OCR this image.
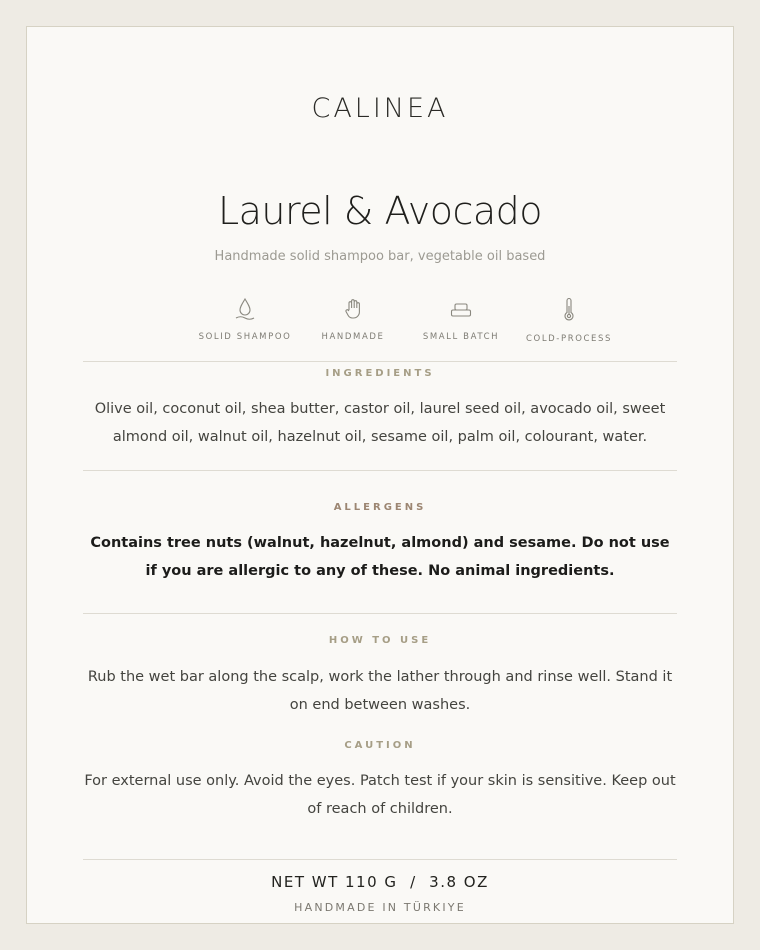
CALINEA
Laurel & Avocado
Handmade solid shampoo bar, vegetable oil based
SOLID SHAMPOO	HANDMADE	SMALL BATCH	COLD-PROCESS
INGREDIENTS

Olive oil, coconut oil, shea butter, castor oil, laurel seed oil, avocado oil, sweet almond oil, walnut oil, hazelnut oil, sesame oil, palm oil, colourant, water.

ALLERGENS

Contains tree nuts (walnut, hazelnut, almond) and sesame. Do not use if you are allergic to any of these. No animal ingredients.

HOW TO USE

Rub the wet bar along the scalp, work the lather through and rinse well. Stand it on end between washes.

CAUTION

For external use only. Avoid the eyes. Patch test if your skin is sensitive. Keep out of reach of children.

NET WT 110 G  /  3.8 OZ
HANDMADE IN TÜRKIYE
